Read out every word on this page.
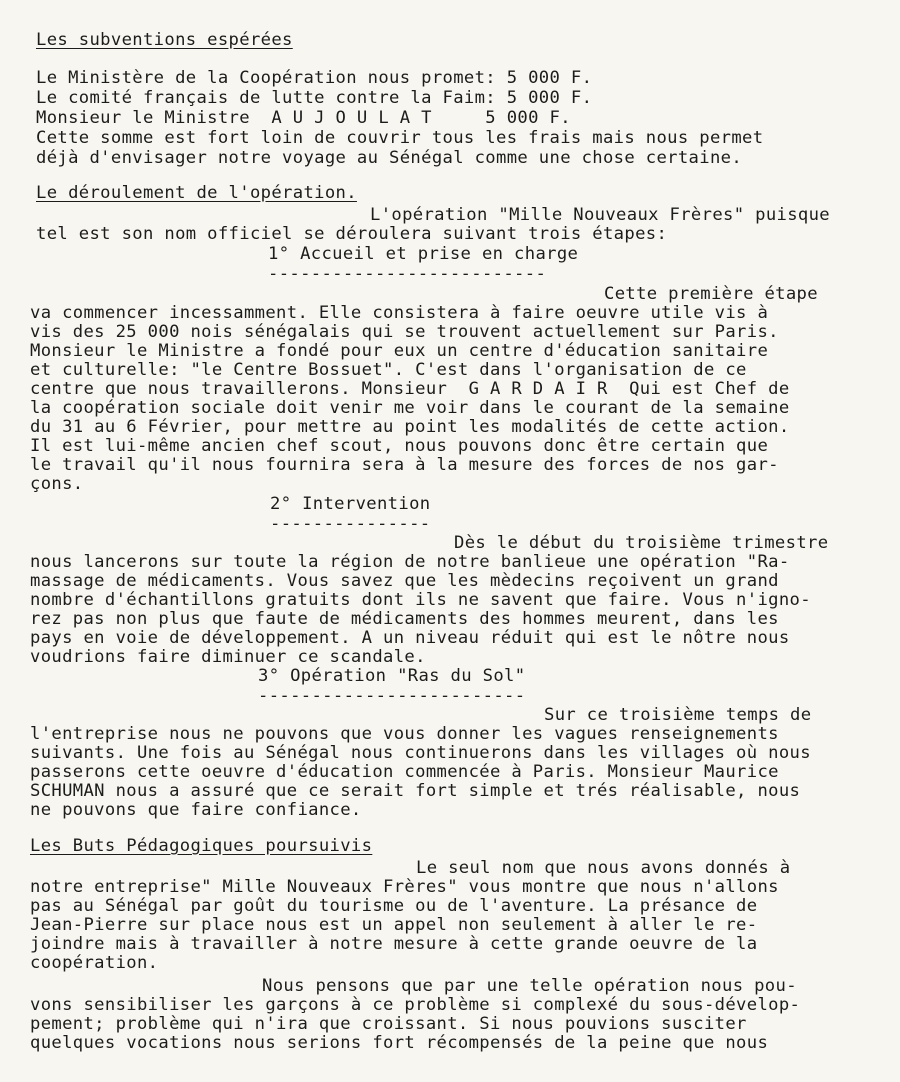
Les subventions espérées
Le Ministère de la Coopération nous promet: 5 000 F.
Le comité français de lutte contre la Faim: 5 000 F.
Monsieur le Ministre  A U J O U L A T     5 000 F.
Cette somme est fort loin de couvrir tous les frais mais nous permet
déjà d'envisager notre voyage au Sénégal comme une chose certaine.
Le déroulement de l'opération.
L'opération "Mille Nouveaux Frères" puisque
tel est son nom officiel se déroulera suivant trois étapes:
1° Accueil et prise en charge
--------------------------
Cette première étape
va commencer incessamment. Elle consistera à faire oeuvre utile vis à
vis des 25 000 nois sénégalais qui se trouvent actuellement sur Paris.
Monsieur le Ministre a fondé pour eux un centre d'éducation sanitaire
et culturelle: "le Centre Bossuet". C'est dans l'organisation de ce
centre que nous travaillerons. Monsieur  G A R D A I R  Qui est Chef de
la coopération sociale doit venir me voir dans le courant de la semaine
du 31 au 6 Février, pour mettre au point les modalités de cette action.
Il est lui-même ancien chef scout, nous pouvons donc être certain que
le travail qu'il nous fournira sera à la mesure des forces de nos gar-
çons.
2° Intervention
---------------
Dès le début du troisième trimestre
nous lancerons sur toute la région de notre banlieue une opération "Ra-
massage de médicaments. Vous savez que les mèdecins reçoivent un grand
nombre d'échantillons gratuits dont ils ne savent que faire. Vous n'igno-
rez pas non plus que faute de médicaments des hommes meurent, dans les
pays en voie de développement. A un niveau réduit qui est le nôtre nous
voudrions faire diminuer ce scandale.
3° Opération "Ras du Sol"
-------------------------
Sur ce troisième temps de
l'entreprise nous ne pouvons que vous donner les vagues renseignements
suivants. Une fois au Sénégal nous continuerons dans les villages où nous
passerons cette oeuvre d'éducation commencée à Paris. Monsieur Maurice
SCHUMAN nous a assuré que ce serait fort simple et trés réalisable, nous
ne pouvons que faire confiance.
Les Buts Pédagogiques poursuivis
Le seul nom que nous avons donnés à
notre entreprise" Mille Nouveaux Frères" vous montre que nous n'allons
pas au Sénégal par goût du tourisme ou de l'aventure. La présance de
Jean-Pierre sur place nous est un appel non seulement à aller le re-
joindre mais à travailler à notre mesure à cette grande oeuvre de la
coopération.
Nous pensons que par une telle opération nous pou-
vons sensibiliser les garçons à ce problème si complexé du sous-dévelop-
pement; problème qui n'ira que croissant. Si nous pouvions susciter
quelques vocations nous serions fort récompensés de la peine que nous
